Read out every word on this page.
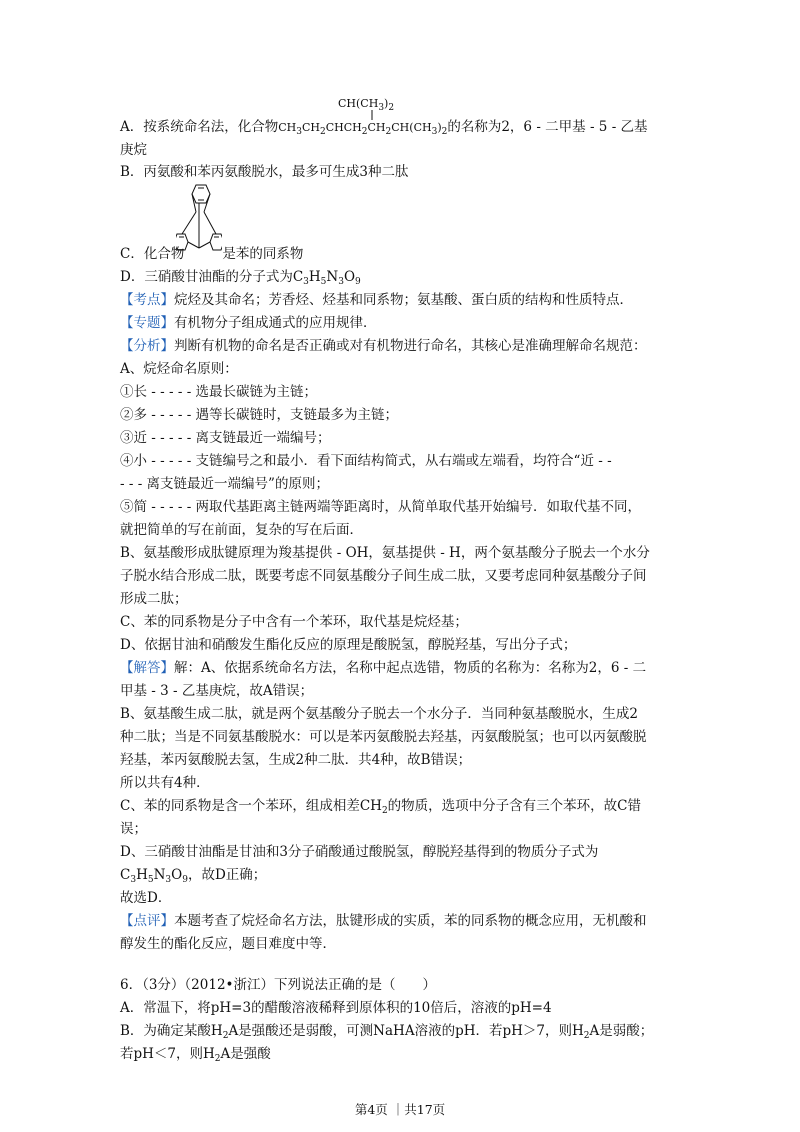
$CH(CH_3)_2$
A．按系统命名法，化合物$CH_3CH_2CHCH_2CH_2CH(CH_3)_2$的名称为2，6 - 二甲基 - 5 - 乙基
庚烷
B．丙氨酸和苯丙氨酸脱水，最多可生成3种二肽
C．化合物	是苯的同系物
D．三硝酸甘油酯的分子式为$C_3H_5N_3O_9$
【考点】烷烃及其命名；芳香烃、烃基和同系物；氨基酸、蛋白质的结构和性质特点．
【专题】有机物分子组成通式的应用规律．
【分析】判断有机物的命名是否正确或对有机物进行命名，其核心是准确理解命名规范：
A、烷烃命名原则：
①长 - - - - - 选最长碳链为主链；
②多 - - - - - 遇等长碳链时，支链最多为主链；
③近 - - - - - 离支链最近一端编号；
④小 - - - - - 支链编号之和最小．看下面结构简式，从右端或左端看，均符合“近 - -
- - - 离支链最近一端编号”的原则；
⑤简 - - - - - 两取代基距离主链两端等距离时，从简单取代基开始编号．如取代基不同，
就把简单的写在前面，复杂的写在后面．
B、氨基酸形成肽键原理为羧基提供 - OH，氨基提供 - H，两个氨基酸分子脱去一个水分
子脱水结合形成二肽，既要考虑不同氨基酸分子间生成二肽，又要考虑同种氨基酸分子间
形成二肽；
C、苯的同系物是分子中含有一个苯环，取代基是烷烃基；
D、依据甘油和硝酸发生酯化反应的原理是酸脱氢，醇脱羟基，写出分子式；
【解答】解：A、依据系统命名方法，名称中起点选错，物质的名称为：名称为2，6 - 二
甲基 - 3 - 乙基庚烷，故A错误；
B、氨基酸生成二肽，就是两个氨基酸分子脱去一个水分子．当同种氨基酸脱水，生成2
种二肽；当是不同氨基酸脱水：可以是苯丙氨酸脱去羟基，丙氨酸脱氢；也可以丙氨酸脱
羟基，苯丙氨酸脱去氢，生成2种二肽．共4种，故B错误；
所以共有4种．
C、苯的同系物是含一个苯环，组成相差$CH_2$的物质，选项中分子含有三个苯环，故C错
误；
D、三硝酸甘油酯是甘油和3分子硝酸通过酸脱氢，醇脱羟基得到的物质分子式为
$C_3H_5N_3O_9$，故D正确；
故选D．
【点评】本题考查了烷烃命名方法，肽键形成的实质，苯的同系物的概念应用，无机酸和
醇发生的酯化反应，题目难度中等．
6．（3分）（2012•浙江）下列说法正确的是（　　）
A．常温下，将pH=3的醋酸溶液稀释到原体积的10倍后，溶液的pH=4
B．为确定某酸$H_2A$是强酸还是弱酸，可测NaHA溶液的pH．若pH＞7，则$H_2A$是弱酸；
若pH＜7，则$H_2A$是强酸
第4页 ｜共17页
